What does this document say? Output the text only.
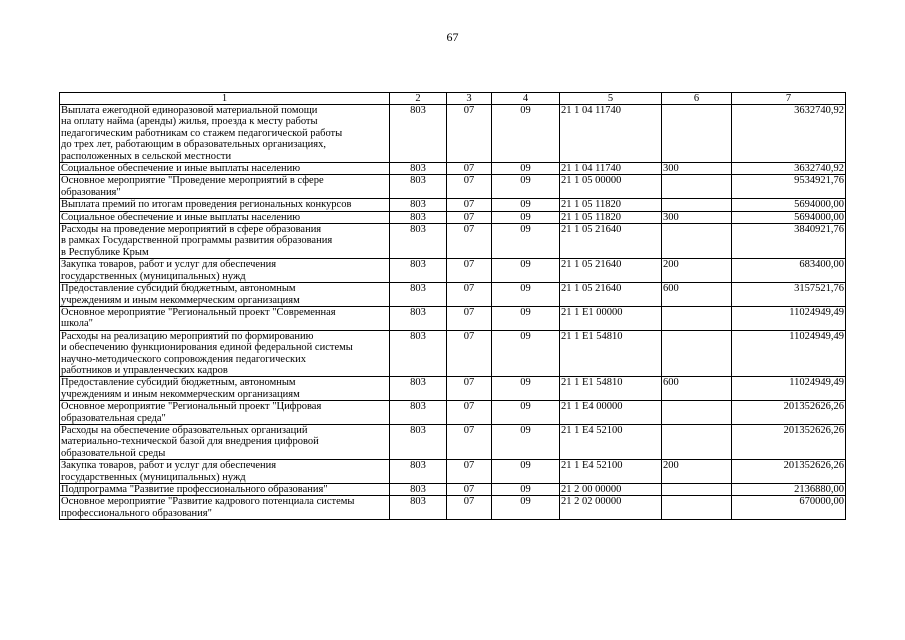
67
1	2	3	4	5	6	7
Выплата ежегодной единоразовой материальной помощи
на оплату найма (аренды) жилья, проезда к месту работы
педагогическим работникам со стажем педагогической работы
до трех лет, работающим в образовательных организациях,
расположенных в сельской местности	803	07	09	21 1 04 11740		3632740,92
Социальное обеспечение и иные выплаты населению	803	07	09	21 1 04 11740	300	3632740,92
Основное мероприятие "Проведение мероприятий в сфере
образования"	803	07	09	21 1 05 00000		9534921,76
Выплата премий по итогам проведения региональных конкурсов	803	07	09	21 1 05 11820		5694000,00
Социальное обеспечение и иные выплаты населению	803	07	09	21 1 05 11820	300	5694000,00
Расходы на проведение мероприятий в сфере образования
в рамках Государственной программы развития образования
в Республике Крым	803	07	09	21 1 05 21640		3840921,76
Закупка товаров, работ и услуг для обеспечения
государственных (муниципальных) нужд	803	07	09	21 1 05 21640	200	683400,00
Предоставление субсидий бюджетным, автономным
учреждениям и иным некоммерческим организациям	803	07	09	21 1 05 21640	600	3157521,76
Основное мероприятие "Региональный проект "Современная
школа"	803	07	09	21 1 Е1 00000		11024949,49
Расходы на реализацию мероприятий по формированию
и обеспечению функционирования единой федеральной системы
научно-методического сопровождения педагогических
работников и управленческих кадров	803	07	09	21 1 Е1 54810		11024949,49
Предоставление субсидий бюджетным, автономным
учреждениям и иным некоммерческим организациям	803	07	09	21 1 Е1 54810	600	11024949,49
Основное мероприятие "Региональный проект "Цифровая
образовательная среда"	803	07	09	21 1 Е4 00000		201352626,26
Расходы на обеспечение образовательных организаций
материально-технической базой для внедрения цифровой
образовательной среды	803	07	09	21 1 Е4 52100		201352626,26
Закупка товаров, работ и услуг для обеспечения
государственных (муниципальных) нужд	803	07	09	21 1 Е4 52100	200	201352626,26
Подпрограмма "Развитие профессионального образования"	803	07	09	21 2 00 00000		2136880,00
Основное мероприятие "Развитие кадрового потенциала системы
профессионального образования"	803	07	09	21 2 02 00000		670000,00
